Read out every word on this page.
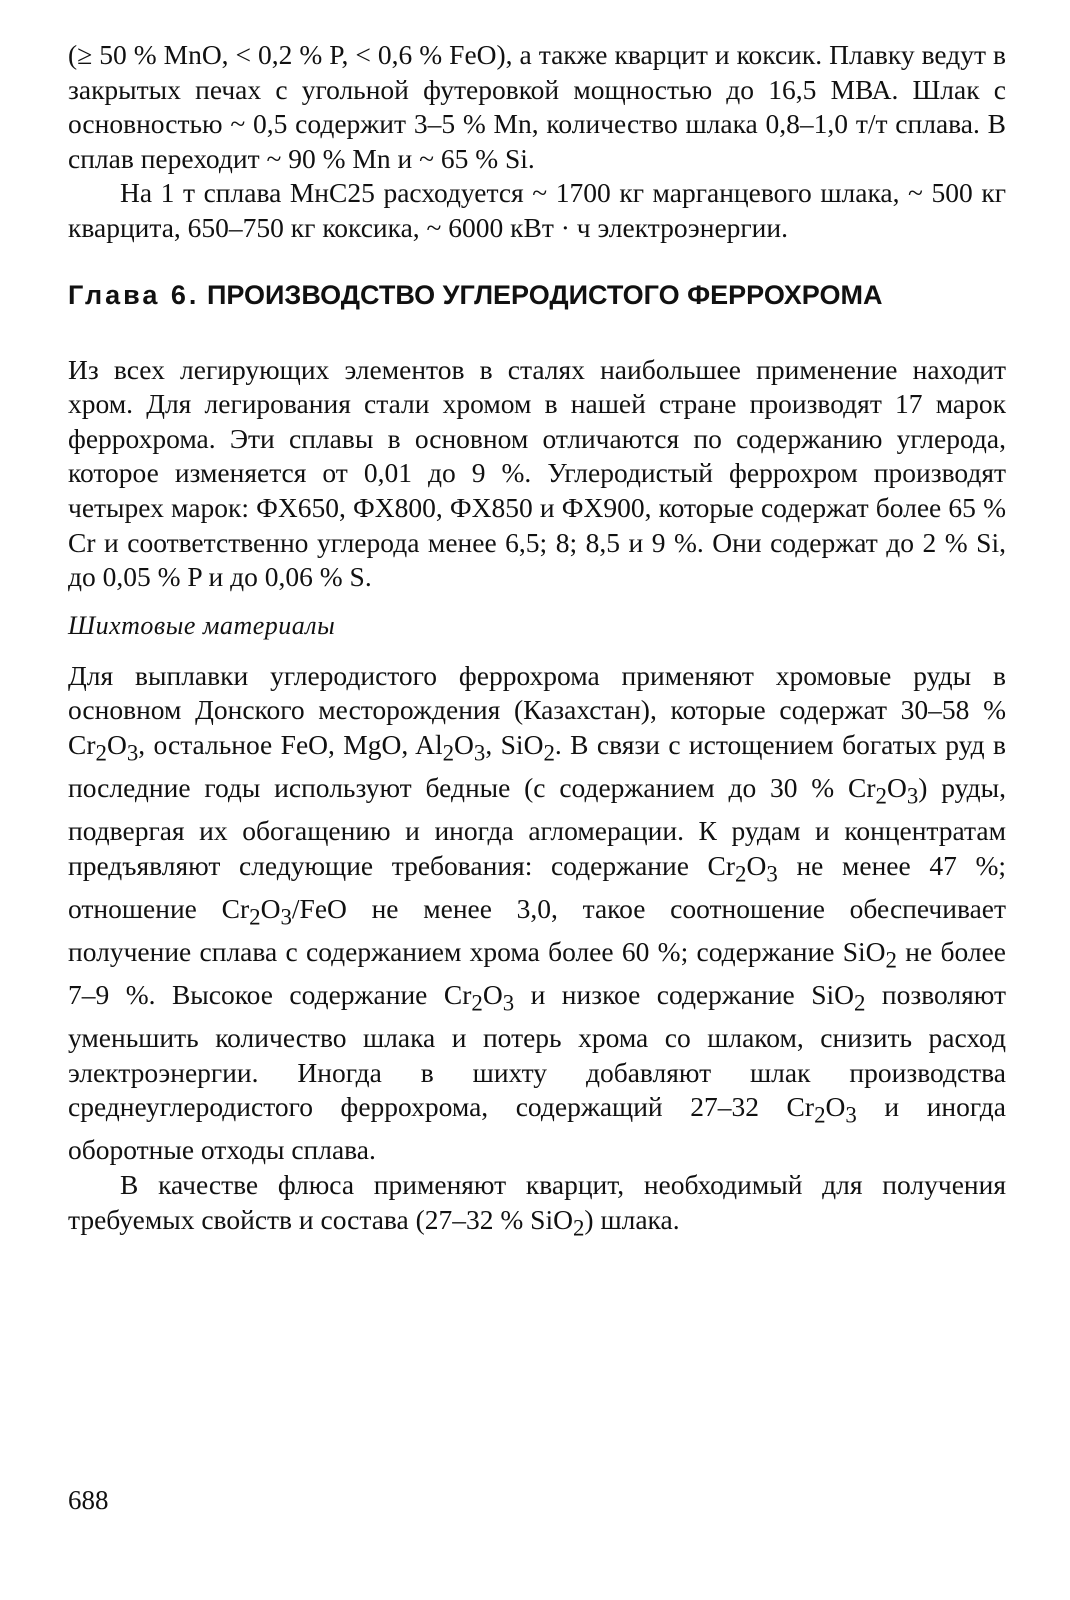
(≥ 50 % MnO, < 0,2 % P, < 0,6 % FeO), а также кварцит и коксик. Плавку ведут в закрытых печах с угольной футеровкой мощностью до 16,5 МВА. Шлак с основностью ~ 0,5 содержит 3–5 % Mn, количество шлака 0,8–1,0 т/т сплава. В сплав переходит ~ 90 % Mn и ~ 65 % Si.

На 1 т сплава МнС25 расходуется ~ 1700 кг марганцевого шлака, ~ 500 кг кварцита, 650–750 кг коксика, ~ 6000 кВт · ч электроэнергии.

Глава 6. ПРОИЗВОДСТВО УГЛЕРОДИСТОГО ФЕРРОХРОМА

Из всех легирующих элементов в сталях наибольшее применение находит хром. Для легирования стали хромом в нашей стране производят 17 марок феррохрома. Эти сплавы в основном отличаются по содержанию углерода, которое изменяется от 0,01 до 9 %. Углеродистый феррохром производят четырех марок: ФХ650, ФХ800, ФХ850 и ФХ900, которые содержат более 65 % Cr и соответственно углерода менее 6,5; 8; 8,5 и 9 %. Они содержат до 2 % Si, до 0,05 % P и до 0,06 % S.

Шихтовые материалы

Для выплавки углеродистого феррохрома применяют хромовые руды в основном Донского месторождения (Казахстан), которые содержат 30–58 % $Cr_2O_3$, остальное FeO, MgO, $Al_2O_3$, SiO$_2$. В связи с истощением богатых руд в последние годы используют бедные (с содержанием до 30 % $Cr_2O_3$) руды, подвергая их обогащению и иногда агломерации. К рудам и концентратам предъявляют следующие требования: содержание $Cr_2O_3$ не менее 47 %; отношение $Cr_2O_3$/FeO не менее 3,0, такое соотношение обеспечивает получение сплава с содержанием хрома более 60 %; содержание SiO$_2$ не более 7–9 %. Высокое содержание $Cr_2O_3$ и низкое содержание SiO$_2$ позволяют уменьшить количество шлака и потерь хрома со шлаком, снизить расход электроэнергии. Иногда в шихту добавляют шлак производства среднеуглеродистого феррохрома, содержащий 27–32 $Cr_2O_3$ и иногда оборотные отходы сплава.

В качестве флюса применяют кварцит, необходимый для получения требуемых свойств и состава (27–32 % SiO$_2$) шлака.

688
